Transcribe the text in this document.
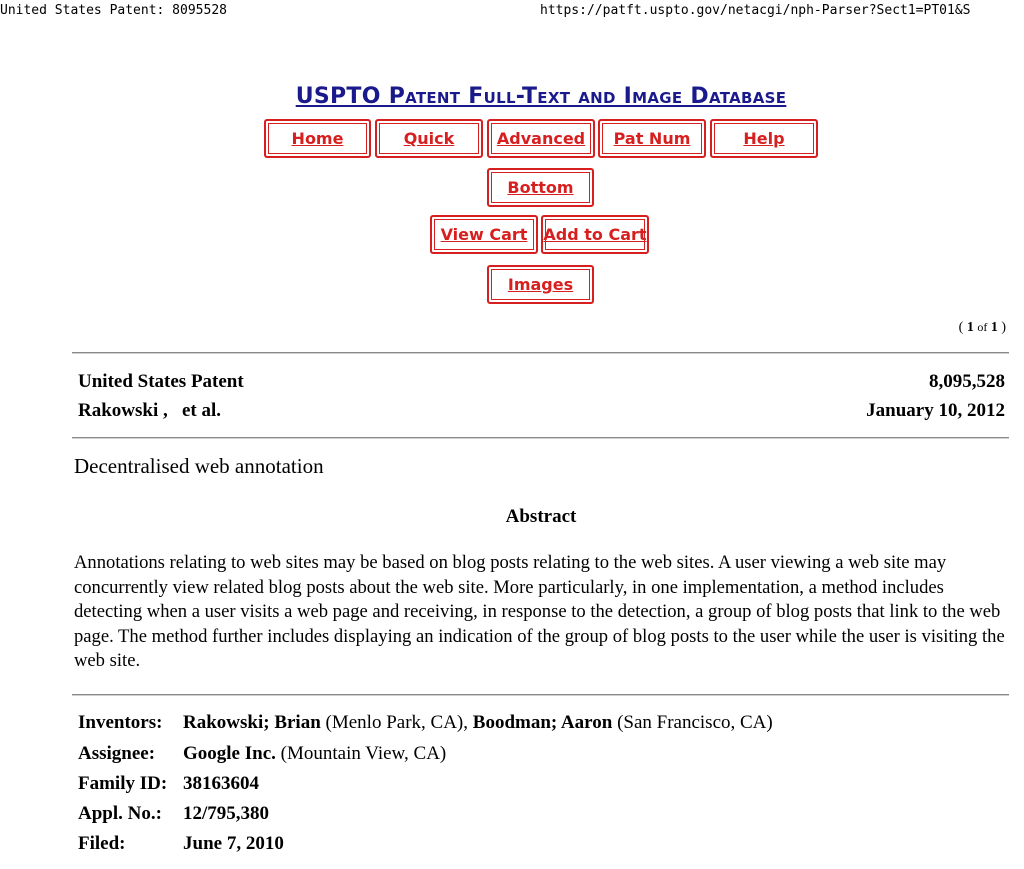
United States Patent: 8095528	https://patft.uspto.gov/netacgi/nph-Parser?Sect1=PT01&S
USPTO Patent Full-Text and Image Database
Home	Quick	Advanced	Pat Num	Help
Bottom
View Cart Add to Cart
Images
( 1 of 1 )
United States Patent	8,095,528
Rakowski ,   et al.	January 10, 2012
Decentralised web annotation
Abstract
Annotations relating to web sites may be based on blog posts relating to the web sites. A user viewing a web site may concurrently view related blog posts about the web site. More particularly, in one implementation, a method includes detecting when a user visits a web page and receiving, in response to the detection, a group of blog posts that link to the web page. The method further includes displaying an indication of the group of blog posts to the user while the user is visiting the web site.
Inventors: Rakowski; Brian (Menlo Park, CA), Boodman; Aaron (San Francisco, CA)
Assignee: Google Inc. (Mountain View, CA)
Family ID: 38163604
Appl. No.: 12/795,380
Filed:	June 7, 2010
